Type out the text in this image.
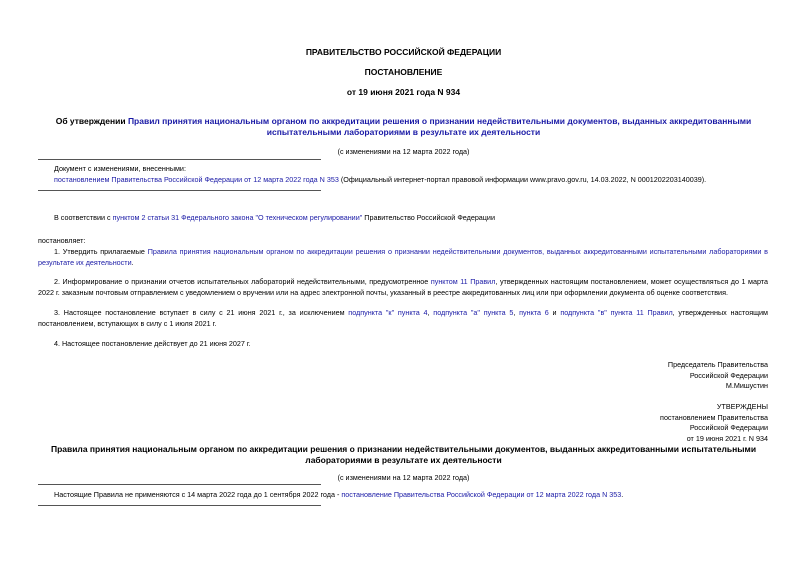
ПРАВИТЕЛЬСТВО РОССИЙСКОЙ ФЕДЕРАЦИИ
ПОСТАНОВЛЕНИЕ
от 19 июня 2021 года N 934
Об утверждении Правил принятия национальным органом по аккредитации решения о признании недействительными документов, выданных аккредитованными
испытательными лабораториями в результате их деятельности
(с изменениями на 12 марта 2022 года)
Документ с изменениями, внесенными:
постановлением Правительства Российской Федерации от 12 марта 2022 года N 353 (Официальный интернет-портал правовой информации www.pravo.gov.ru, 14.03.2022, N 0001202203140039).
В соответствии с пунктом 2 статьи 31 Федерального закона "О техническом регулировании" Правительство Российской Федерации
постановляет:
1. Утвердить прилагаемые Правила принятия национальным органом по аккредитации решения о признании недействительными документов, выданных аккредитованными испытательными лабораториями в результате их деятельности.
2. Информирование о признании отчетов испытательных лабораторий недействительными, предусмотренное пунктом 11 Правил, утвержденных настоящим постановлением, может осуществляться до 1 марта 2022 г. заказным почтовым отправлением с уведомлением о вручении или на адрес электронной почты, указанный в реестре аккредитованных лиц или при оформлении документа об оценке соответствия.
3. Настоящее постановление вступает в силу с 21 июня 2021 г., за исключением подпункта "к" пункта 4, подпункта "а" пункта 5, пункта 6 и подпункта "в" пункта 11 Правил, утвержденных настоящим постановлением, вступающих в силу с 1 июля 2021 г.
4. Настоящее постановление действует до 21 июня 2027 г.
Председатель Правительства
Российской Федерации
М.Мишустин
УТВЕРЖДЕНЫ
постановлением Правительства
Российской Федерации
от 19 июня 2021 г. N 934
Правила принятия национальным органом по аккредитации решения о признании недействительными документов, выданных аккредитованными испытательными
лабораториями в результате их деятельности
(с изменениями на 12 марта 2022 года)
Настоящие Правила не применяются с 14 марта 2022 года до 1 сентября 2022 года - постановление Правительства Российской Федерации от 12 марта 2022 года N 353.
